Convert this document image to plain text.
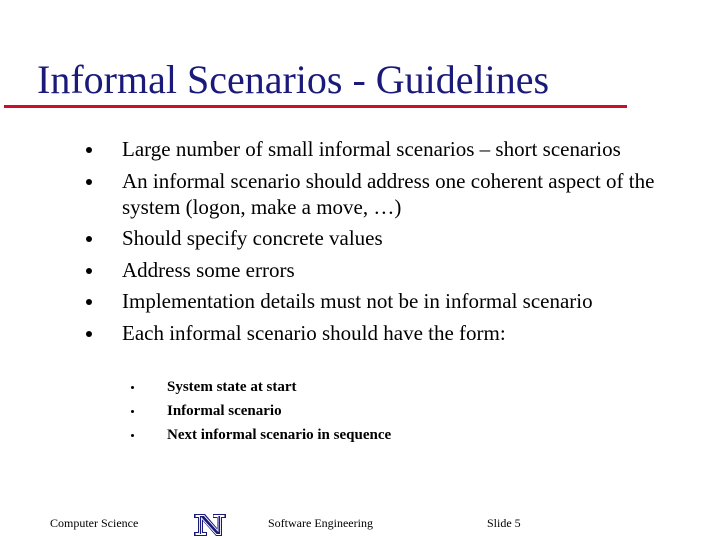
Informal Scenarios - Guidelines
Large number of small informal scenarios – short scenarios
An informal scenario should address one coherent aspect of the system (logon, make a move, …)
Should specify concrete values
Address some errors
Implementation details must not be in informal scenario
Each informal scenario should have the form:
System state at start
Informal scenario
Next informal scenario in sequence
Computer Science	Software Engineering	Slide 5
